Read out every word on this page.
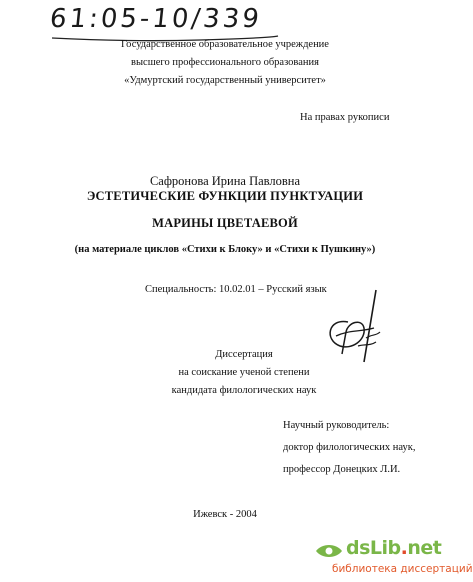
61:05-10/339
Государственное образовательное учреждение
высшего профессионального образования
«Удмуртский государственный университет»
На правах рукописи
Сафронова Ирина Павловна
ЭСТЕТИЧЕСКИЕ ФУНКЦИИ ПУНКТУАЦИИ
МАРИНЫ ЦВЕТАЕВОЙ
(на материале циклов «Стихи к Блоку» и «Стихи к Пушкину»)
Специальность: 10.02.01 – Русский язык
Диссертация
на соискание ученой степени
кандидата филологических наук
Научный руководитель:
доктор филологических наук,
профессор Донецких Л.И.
Ижевск - 2004
dsLib.net
библиотека диссертаций
